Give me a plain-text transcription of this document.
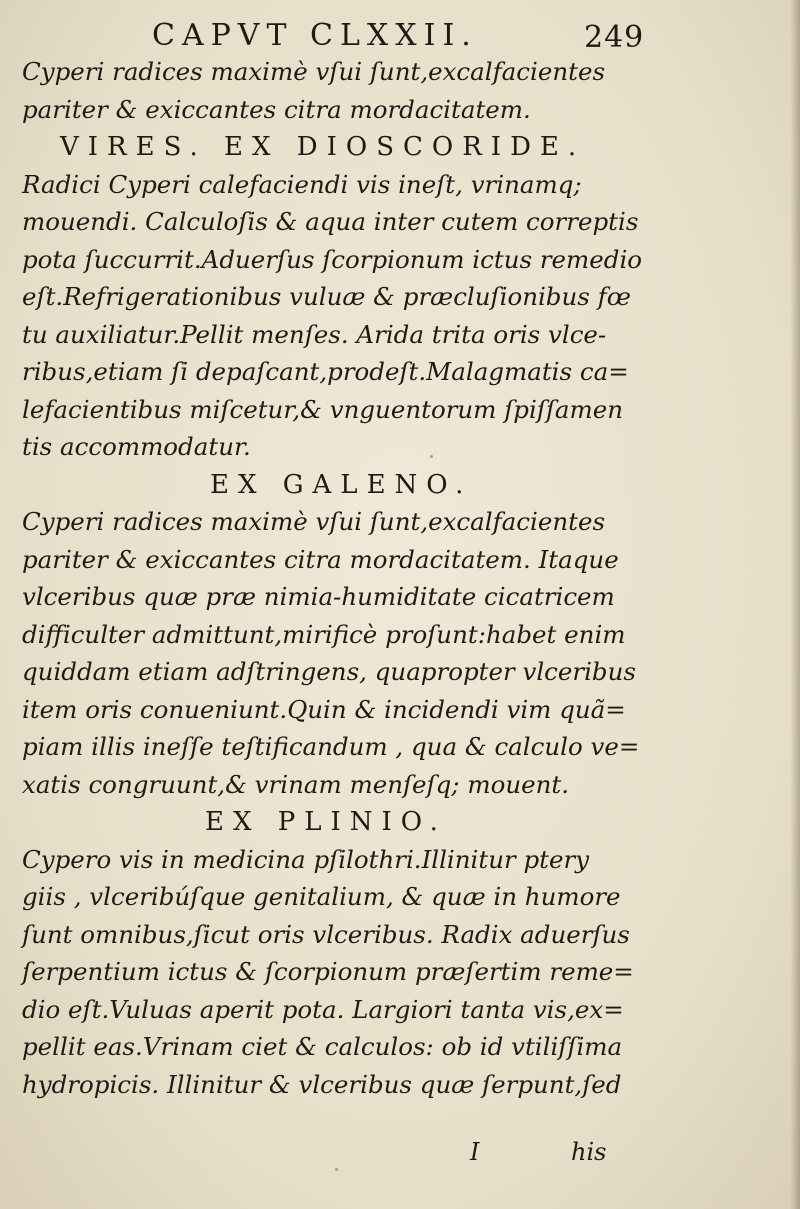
CAPVT CLXXII.	249
Cyperi radices maximè vſui ſunt,excalfacientes
pariter & exiccantes citra mordacitatem.
VIRES. EX DIOSCORIDE.
Radici Cyperi calefaciendi vis ineſt, vrinamq;
mouendi. Calculoſis & aqua inter cutem correptis
pota ſuccurrit.Aduerſus ſcorpionum ictus remedio
eſt.Refrigerationibus vuluæ & præcluſionibus fœ
tu auxiliatur.Pellit menſes. Arida trita oris vlce-
ribus,etiam ſi depaſcant,prodeſt.Malagmatis ca=
lefacientibus miſcetur,& vnguentorum ſpiſſamen
tis accommodatur.
EX GALENO.
Cyperi radices maximè vſui ſunt,excalfacientes
pariter & exiccantes citra mordacitatem. Itaque
vlceribus quæ præ nimia-humiditate cicatricem
difficulter admittunt,mirificè proſunt:habet enim
quiddam etiam adſtringens, quapropter vlceribus
item oris conueniunt.Quin & incidendi vim quã=
piam illis ineſſe teſtificandum , qua & calculo ve=
xatis congruunt,& vrinam menſeſq; mouent.
EX PLINIO.
Cypero vis in medicina pſilothri.Illinitur ptery
giis , vlceribúſque genitalium, & quæ in humore
ſunt omnibus,ſicut oris vlceribus. Radix aduerſus
ſerpentium ictus & ſcorpionum præſertim reme=
dio eſt.Vuluas aperit pota. Largiori tanta vis,ex=
pellit eas.Vrinam ciet & calculos: ob id vtiliſſima
hydropicis. Illinitur & vlceribus quæ ſerpunt,ſed
I	his
